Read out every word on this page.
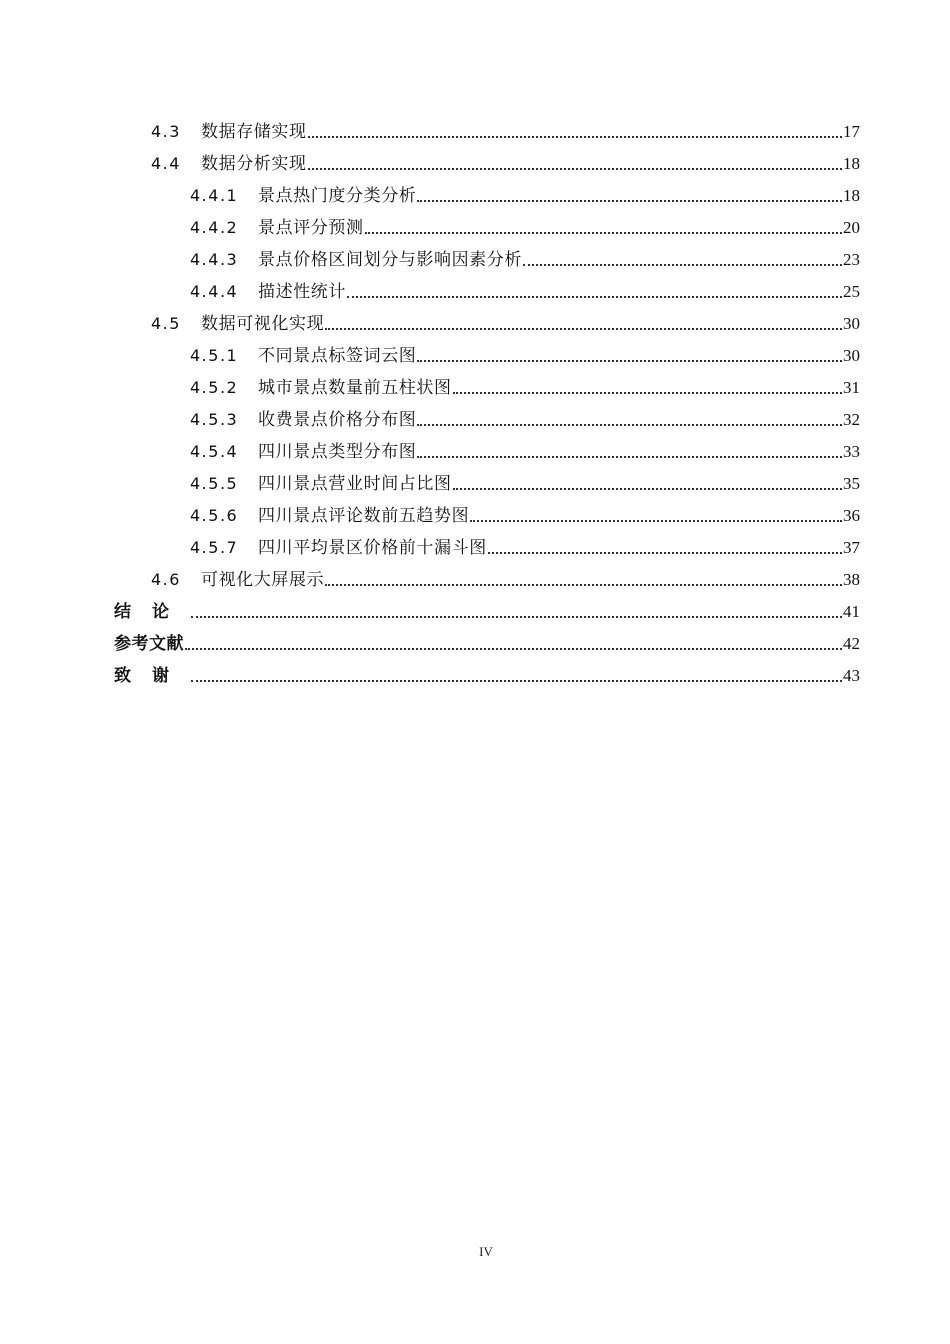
4.3	数据存储实现	17
4.4	数据分析实现	18
4.4.1	景点热门度分类分析	18
4.4.2	景点评分预测	20
4.4.3	景点价格区间划分与影响因素分析	23
4.4.4	描述性统计	25
4.5	数据可视化实现	30
4.5.1	不同景点标签词云图	30
4.5.2	城市景点数量前五柱状图	31
4.5.3	收费景点价格分布图	32
4.5.4	四川景点类型分布图	33
4.5.5	四川景点营业时间占比图	35
4.5.6	四川景点评论数前五趋势图	36
4.5.7	四川平均景区价格前十漏斗图	37
4.6	可视化大屏展示	38
结论	41
参考文献	42
致谢	43
IV
